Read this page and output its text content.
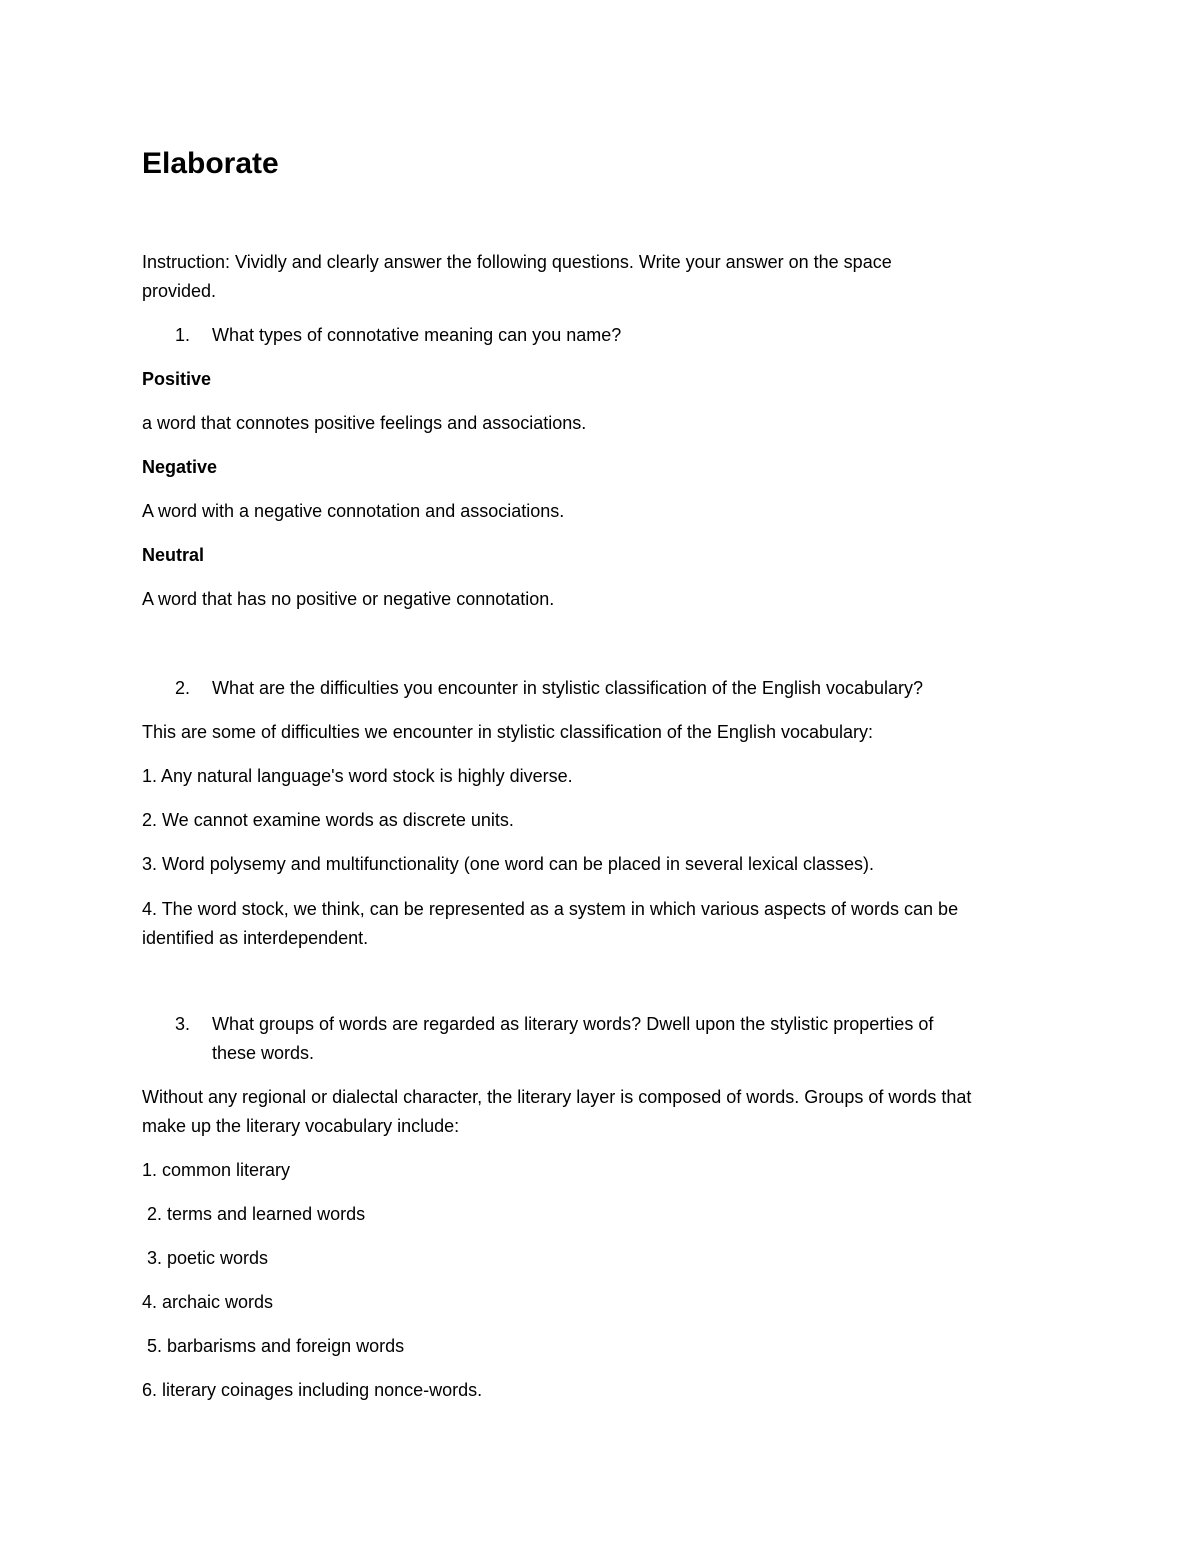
Elaborate
Instruction: Vividly and clearly answer the following questions. Write your answer on the space
provided.
1. What types of connotative meaning can you name?
Positive
a word that connotes positive feelings and associations.
Negative
A word with a negative connotation and associations.
Neutral
A word that has no positive or negative connotation.
2. What are the difficulties you encounter in stylistic classification of the English vocabulary?
This are some of difficulties we encounter in stylistic classification of the English vocabulary:
1. Any natural language's word stock is highly diverse.
2. We cannot examine words as discrete units.
3. Word polysemy and multifunctionality (one word can be placed in several lexical classes).
4. The word stock, we think, can be represented as a system in which various aspects of words can be
identified as interdependent.
3. What groups of words are regarded as literary words? Dwell upon the stylistic properties of
these words.
Without any regional or dialectal character, the literary layer is composed of words. Groups of words that
make up the literary vocabulary include:
1. common literary
2. terms and learned words
3. poetic words
4. archaic words
5. barbarisms and foreign words
6. literary coinages including nonce-words.
